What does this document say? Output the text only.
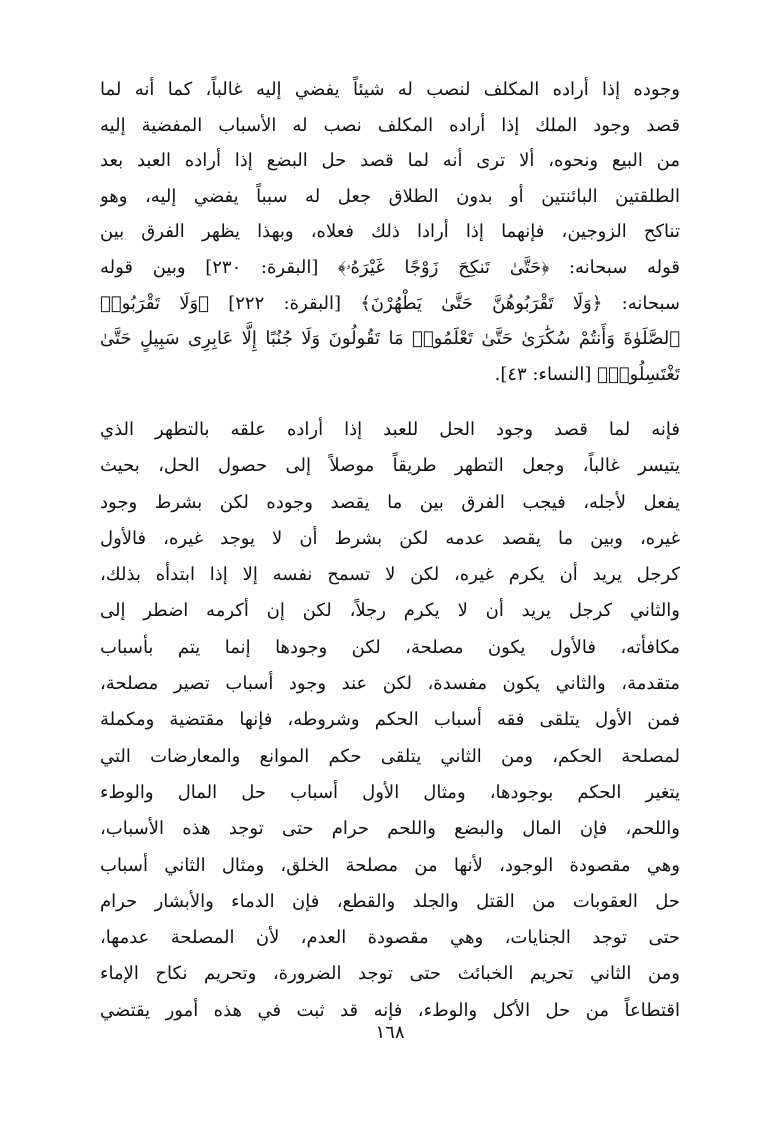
وجوده إذا أراده المكلف لنصب له شيئاً يفضي إليه غالباً، كما أنه لما
قصد وجود الملك إذا أراده المكلف نصب له الأسباب المفضية إليه
من البيع ونحوه، ألا ترى أنه لما قصد حل البضع إذا أراده العبد بعد
الطلقتين البائنتين أو بدون الطلاق جعل له سبباً يفضي إليه، وهو
تناكح الزوجين، فإنهما إذا أرادا ذلك فعلاه، وبهذا يظهر الفرق بين
قوله سبحانه: ﴿حَتَّىٰ تَنكِحَ زَوْجًا غَيْرَهُۥ﴾ [البقرة: ٢٣٠] وبين قوله
سبحانه: ﴿وَلَا تَقْرَبُوهُنَّ حَتَّىٰ يَطْهُرْنَ﴾ [البقرة: ٢٢٢] ﴿وَلَا تَقْرَبُوا۟
ٱلصَّلَوٰةَ وَأَنتُمْ سُكَٰرَىٰ حَتَّىٰ تَعْلَمُوا۟ مَا تَقُولُونَ وَلَا جُنُبًا إِلَّا عَابِرِى سَبِيلٍ حَتَّىٰ
تَغْتَسِلُوا۟﴾ [النساء: ٤٣].
فإنه لما قصد وجود الحل للعبد إذا أراده علقه بالتطهر الذي
يتيسر غالباً، وجعل التطهر طريقاً موصلاً إلى حصول الحل، بحيث
يفعل لأجله، فيجب الفرق بين ما يقصد وجوده لكن بشرط وجود
غيره، وبين ما يقصد عدمه لكن بشرط أن لا يوجد غيره، فالأول
كرجل يريد أن يكرم غيره، لكن لا تسمح نفسه إلا إذا ابتدأه بذلك،
والثاني كرجل يريد أن لا يكرم رجلاً، لكن إن أكرمه اضطر إلى
مكافأته، فالأول يكون مصلحة، لكن وجودها إنما يتم بأسباب
متقدمة، والثاني يكون مفسدة، لكن عند وجود أسباب تصير مصلحة،
فمن الأول يتلقى فقه أسباب الحكم وشروطه، فإنها مقتضية ومكملة
لمصلحة الحكم، ومن الثاني يتلقى حكم الموانع والمعارضات التي
يتغير الحكم بوجودها، ومثال الأول أسباب حل المال والوطء
واللحم، فإن المال والبضع واللحم حرام حتى توجد هذه الأسباب،
وهي مقصودة الوجود، لأنها من مصلحة الخلق، ومثال الثاني أسباب
حل العقوبات من القتل والجلد والقطع، فإن الدماء والأبشار حرام
حتى توجد الجنايات، وهي مقصودة العدم، لأن المصلحة عدمها،
ومن الثاني تحريم الخبائث حتى توجد الضرورة، وتحريم نكاح الإماء
اقتطاعاً من حل الأكل والوطء، فإنه قد ثبت في هذه أمور يقتضي
١٦٨
